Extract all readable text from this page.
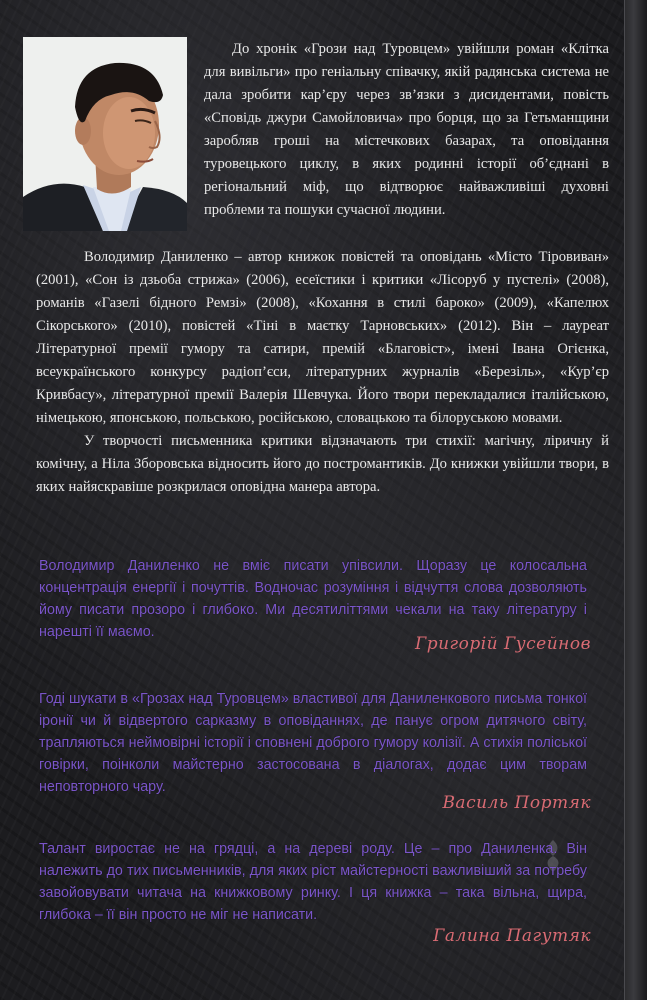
До хронік «Грози над Туровцем» увійшли роман «Клітка для вивільги» про геніальну співачку, якій радянська система не дала зробити кар’єру через зв’язки з дисидентами, повість «Сповідь джури Самойловича» про борця, що за Гетьманщини заробляв гроші на містечкових базарах, та оповідання туровецького циклу, в яких родинні історії об’єднані в регіональний міф, що відтворює найважливіші духовні проблеми та пошуки сучасної людини.

Володимир Даниленко – автор книжок повістей та оповідань «Місто Тіровиван» (2001), «Сон із дзьоба стрижа» (2006), есеїстики і критики «Лісоруб у пустелі» (2008), романів «Газелі бідного Ремзі» (2008), «Кохання в стилі бароко» (2009), «Капелюх Сікорського» (2010), повістей «Тіні в маєтку Тарновських» (2012). Він – лауреат Літературної премії гумору та сатири, премій «Благовіст», імені Івана Огієнка, всеукраїнського конкурсу радіоп’єси, літературних журналів «Березіль», «Кур’єр Кривбасу», літературної премії Валерія Шевчука. Його твори перекладалися італійською, німецькою, японською, польською, російською, словацькою та білоруською мовами.

У творчості письменника критики відзначають три стихії: магічну, ліричну й комічну, а Ніла Зборовська відносить його до постромантиків. До книжки увійшли твори, в яких найяскравіше розкрилася оповідна манера автора.

Володимир Даниленко не вміє писати упівсили. Щоразу це колосальна концентрація енергії і почуттів. Водночас розуміння і відчуття слова дозволяють йому писати прозоро і глибоко. Ми десятиліттями чекали на таку літературу і нарешті її маємо.

Григорій Гусейнов

Годі шукати в «Грозах над Туровцем» властивої для Даниленкового письма тонкої іронії чи й відвертого сарказму в оповіданнях, де панує огром дитячого світу, трапляються неймовірні історії і сповнені доброго гумору колізії. А стихія поліської говірки, поінколи майстерно застосована в діалогах, додає цим творам неповторного чару.

Василь Портяк

Талант виростає не на грядці, а на дереві роду. Це – про Даниленка. Він належить до тих письменників, для яких ріст майстерності важливіший за потребу завойовувати читача на книжковому ринку. І ця книжка – така вільна, щира, глибока – її він просто не міг не написати.

Галина Пагутяк
